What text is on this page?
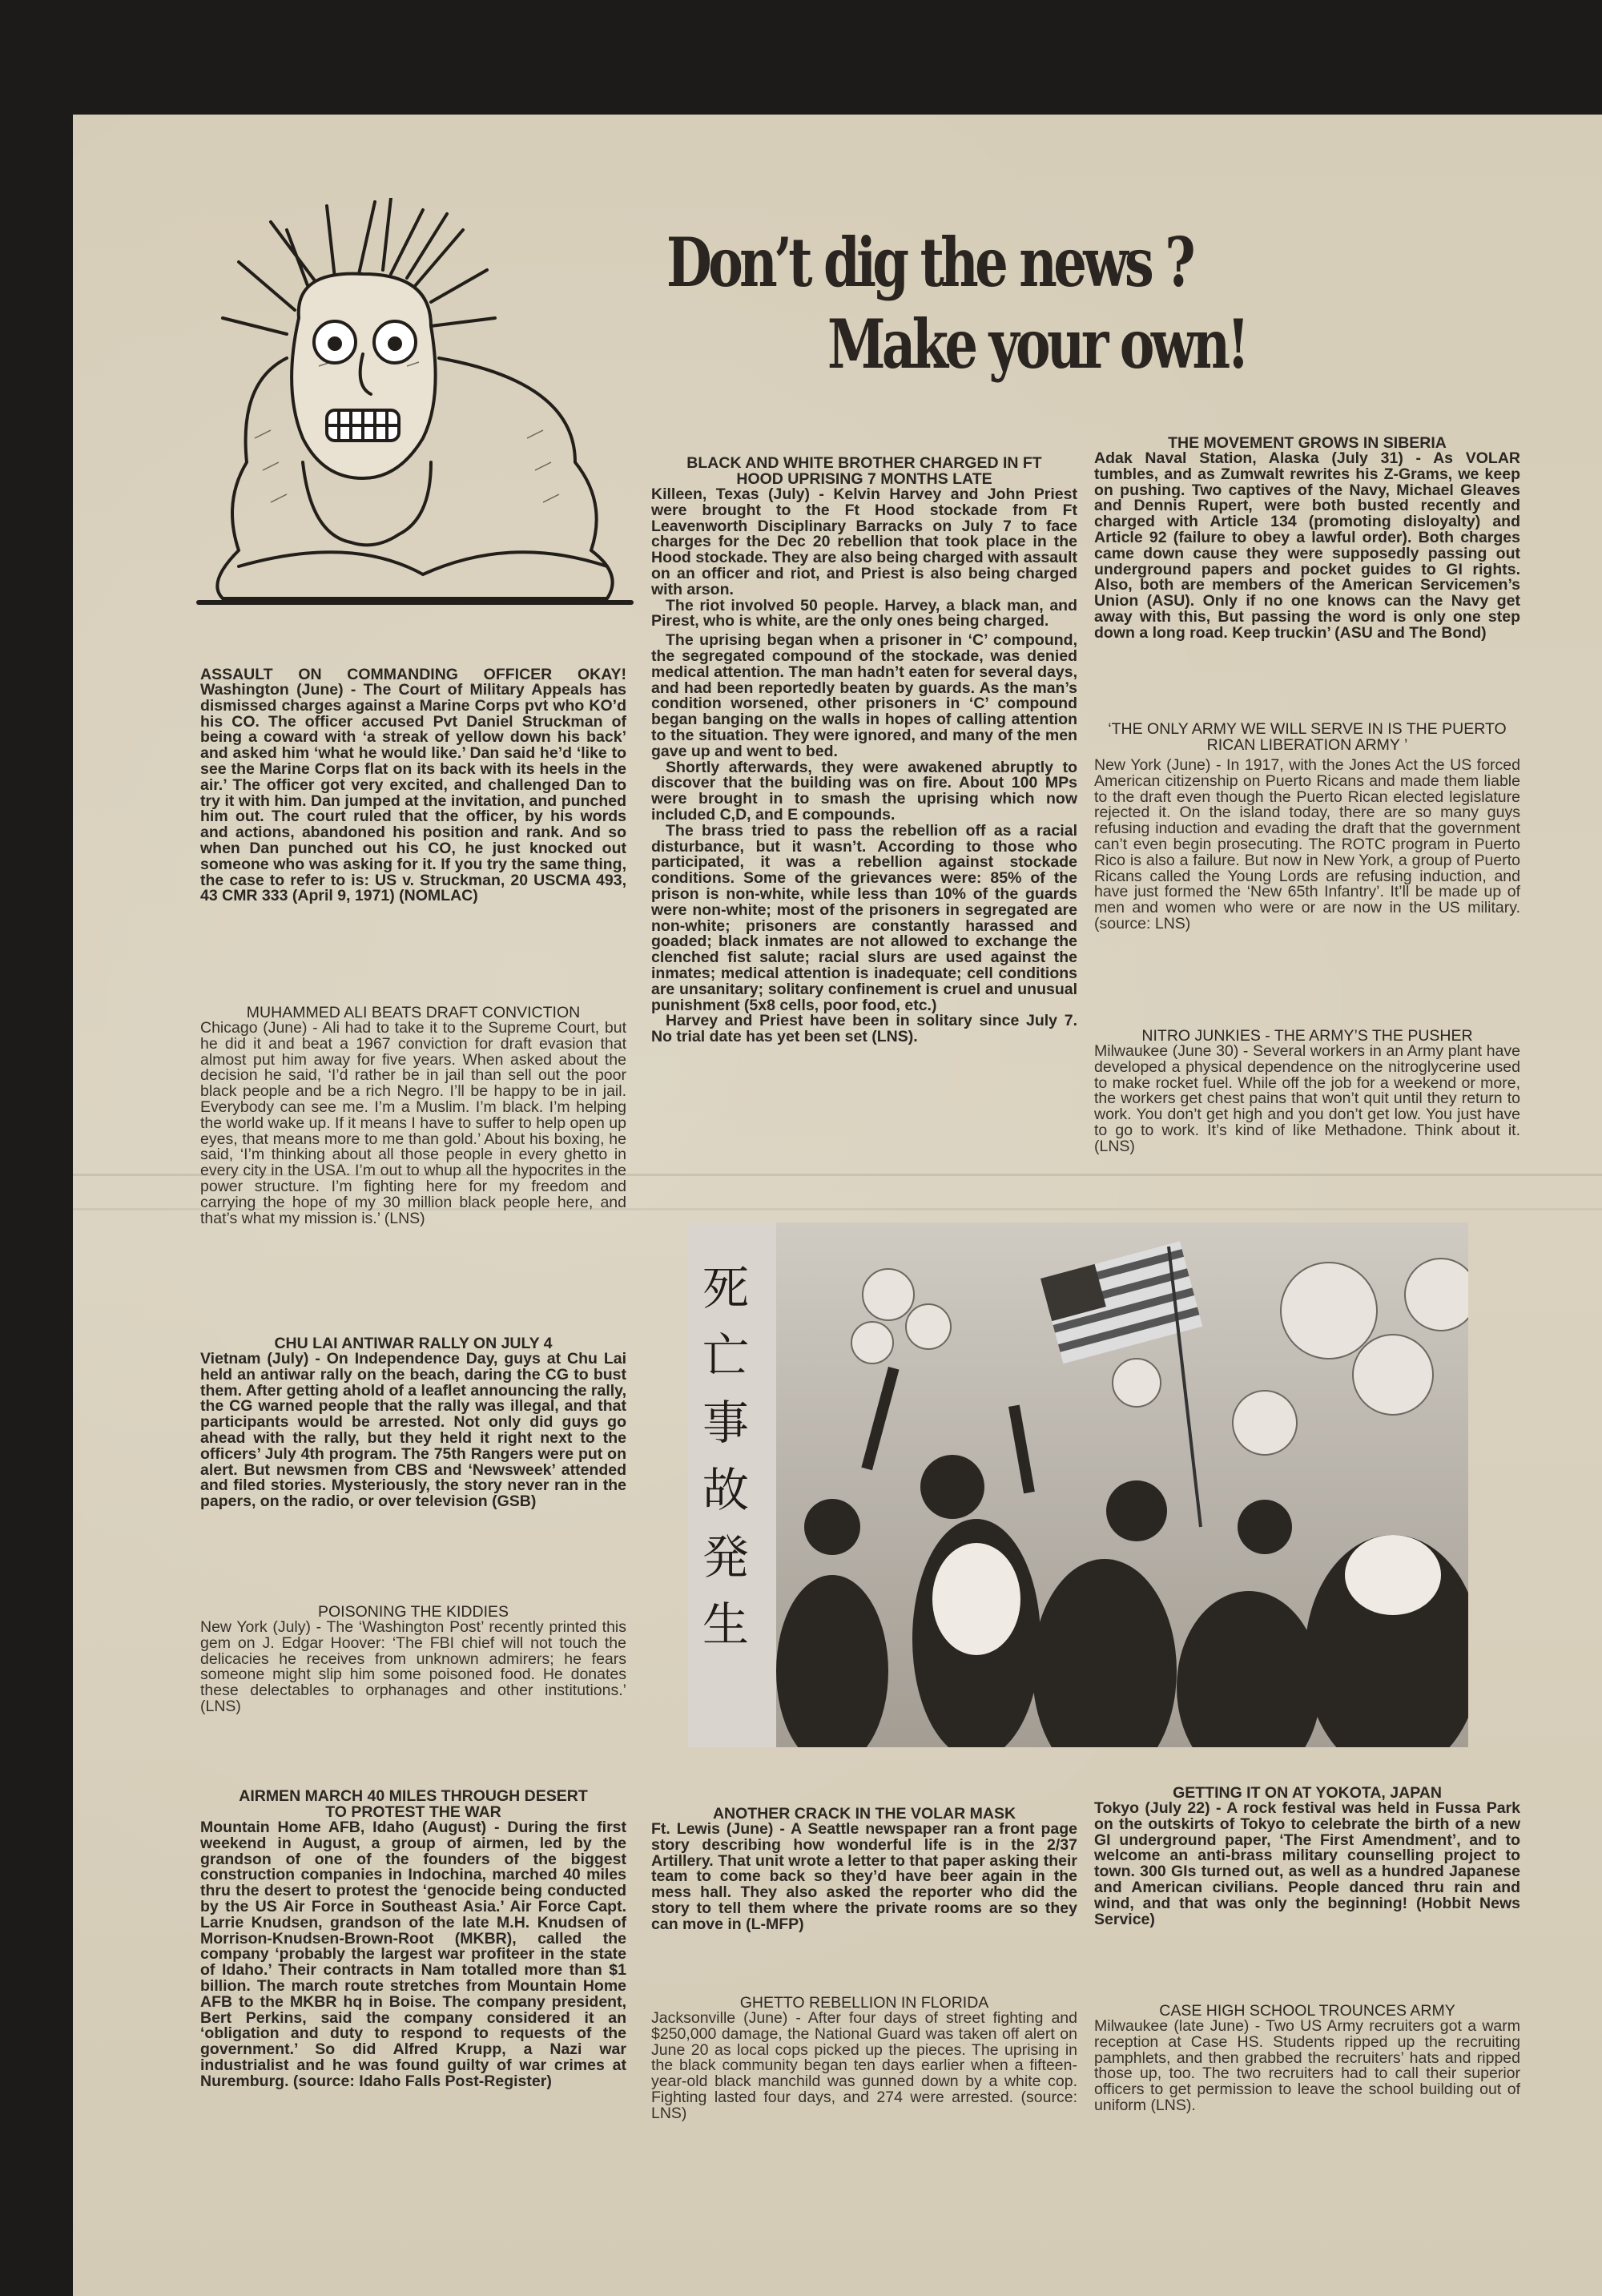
Don’t dig the news ?
Make your own!
ASSAULT ON COMMANDING OFFICER OKAY!

Washington (June) - The Court of Military Appeals has dismissed charges against a Marine Corps pvt who KO’d his CO. The officer accused Pvt Daniel Struckman of being a coward with ‘a streak of yellow down his back’ and asked him ‘what he would like.’ Dan said he’d ‘like to see the Marine Corps flat on its back with its heels in the air.’ The officer got very excited, and challenged Dan to try it with him. Dan jumped at the invitation, and punched him out. The court ruled that the officer, by his words and actions, abandoned his position and rank. And so when Dan punched out his CO, he just knocked out someone who was asking for it. If you try the same thing, the case to refer to is: US v. Struckman, 20 USCMA 493, 43 CMR 333 (April 9, 1971) (NOMLAC)

MUHAMMED ALI BEATS DRAFT CONVICTION

Chicago (June) - Ali had to take it to the Supreme Court, but he did it and beat a 1967 conviction for draft evasion that almost put him away for five years. When asked about the decision he said, ‘I’d rather be in jail than sell out the poor black people and be a rich Negro. I’ll be happy to be in jail. Everybody can see me. I’m a Muslim. I’m black. I’m helping the world wake up. If it means I have to suffer to help open up eyes, that means more to me than gold.’ About his boxing, he said, ‘I’m thinking about all those people in every ghetto in every city in the USA. I’m out to whup all the hypocrites in the power structure. I’m fighting here for my freedom and carrying the hope of my 30 million black people here, and that’s what my mission is.’ (LNS)

CHU LAI ANTIWAR RALLY ON JULY 4

Vietnam (July) - On Independence Day, guys at Chu Lai held an antiwar rally on the beach, daring the CG to bust them. After getting ahold of a leaflet announcing the rally, the CG warned people that the rally was illegal, and that participants would be arrested. Not only did guys go ahead with the rally, but they held it right next to the officers’ July 4th program. The 75th Rangers were put on alert. But newsmen from CBS and ‘Newsweek’ attended and filed stories. Mysteriously, the story never ran in the papers, on the radio, or over television (GSB)

POISONING THE KIDDIES

New York (July) - The ‘Washington Post’ recently printed this gem on J. Edgar Hoover: ‘The FBI chief will not touch the delicacies he receives from unknown admirers; he fears someone might slip him some poisoned food. He donates these delectables to orphanages and other institutions.’ (LNS)

AIRMEN MARCH 40 MILES THROUGH DESERT TO PROTEST THE WAR

Mountain Home AFB, Idaho (August) - During the first weekend in August, a group of airmen, led by the grandson of one of the founders of the biggest construction companies in Indochina, marched 40 miles thru the desert to protest the ‘genocide being conducted by the US Air Force in Southeast Asia.’ Air Force Capt. Larrie Knudsen, grandson of the late M.H. Knudsen of Morrison-Knudsen-Brown-Root (MKBR), called the company ‘probably the largest war profiteer in the state of Idaho.’ Their contracts in Nam totalled more than $1 billion. The march route stretches from Mountain Home AFB to the MKBR hq in Boise. The company president, Bert Perkins, said the company considered it an ‘obligation and duty to respond to requests of the government.’ So did Alfred Krupp, a Nazi war industrialist and he was found guilty of war crimes at Nuremburg. (source: Idaho Falls Post-Register)

BLACK AND WHITE BROTHER CHARGED IN FT HOOD UPRISING 7 MONTHS LATE

Killeen, Texas (July) - Kelvin Harvey and John Priest were brought to the Ft Hood stockade from Ft Leavenworth Disciplinary Barracks on July 7 to face charges for the Dec 20 rebellion that took place in the Hood stockade. They are also being charged with assault on an officer and riot, and Priest is also being charged with arson.

The riot involved 50 people. Harvey, a black man, and Pirest, who is white, are the only ones being charged.

The uprising began when a prisoner in ‘C’ compound, the segregated compound of the stockade, was denied medical attention. The man hadn’t eaten for several days, and had been reportedly beaten by guards. As the man’s condition worsened, other prisoners in ‘C’ compound began banging on the walls in hopes of calling attention to the situation. They were ignored, and many of the men gave up and went to bed.

Shortly afterwards, they were awakened abruptly to discover that the building was on fire. About 100 MPs were brought in to smash the uprising which now included C,D, and E compounds.

The brass tried to pass the rebellion off as a racial disturbance, but it wasn’t. According to those who participated, it was a rebellion against stockade conditions. Some of the grievances were: 85% of the prison is non-white, while less than 10% of the guards were non-white; most of the prisoners in segregated are non-white; prisoners are constantly harassed and goaded; black inmates are not allowed to exchange the clenched fist salute; racial slurs are used against the inmates; medical attention is inadequate; cell conditions are unsanitary; solitary confinement is cruel and unusual punishment (5x8 cells, poor food, etc.)

Harvey and Priest have been in solitary since July 7. No trial date has yet been set (LNS).

死亡事故 発生
ANOTHER CRACK IN THE VOLAR MASK

Ft. Lewis (June) - A Seattle newspaper ran a front page story describing how wonderful life is in the 2/37 Artillery. That unit wrote a letter to that paper asking their team to come back so they’d have beer again in the mess hall. They also asked the reporter who did the story to tell them where the private rooms are so they can move in (L-MFP)

GHETTO REBELLION IN FLORIDA

Jacksonville (June) - After four days of street fighting and $250,000 damage, the National Guard was taken off alert on June 20 as local cops picked up the pieces. The uprising in the black community began ten days earlier when a fifteen-year-old black manchild was gunned down by a white cop. Fighting lasted four days, and 274 were arrested. (source: LNS)

THE MOVEMENT GROWS IN SIBERIA

Adak Naval Station, Alaska (July 31) - As VOLAR tumbles, and as Zumwalt rewrites his Z-Grams, we keep on pushing. Two captives of the Navy, Michael Gleaves and Dennis Rupert, were both busted recently and charged with Article 134 (promoting disloyalty) and Article 92 (failure to obey a lawful order). Both charges came down cause they were supposedly passing out underground papers and pocket guides to GI rights. Also, both are members of the American Servicemen’s Union (ASU). Only if no one knows can the Navy get away with this, But passing the word is only one step down a long road. Keep truckin’ (ASU and The Bond)

‘THE ONLY ARMY WE WILL SERVE IN IS THE PUERTO RICAN LIBERATION ARMY ’

New York (June) - In 1917, with the Jones Act the US forced American citizenship on Puerto Ricans and made them liable to the draft even though the Puerto Rican elected legislature rejected it. On the island today, there are so many guys refusing induction and evading the draft that the government can’t even begin prosecuting. The ROTC program in Puerto Rico is also a failure. But now in New York, a group of Puerto Ricans called the Young Lords are refusing induction, and have just formed the ‘New 65th Infantry’. It’ll be made up of men and women who were or are now in the US military. (source: LNS)

NITRO JUNKIES - THE ARMY’S THE PUSHER

Milwaukee (June 30) - Several workers in an Army plant have developed a physical dependence on the nitroglycerine used to make rocket fuel. While off the job for a weekend or more, the workers get chest pains that won’t quit until they return to work. You don’t get high and you don’t get low. You just have to go to work. It’s kind of like Methadone. Think about it. (LNS)

GETTING IT ON AT YOKOTA, JAPAN

Tokyo (July 22) - A rock festival was held in Fussa Park on the outskirts of Tokyo to celebrate the birth of a new GI underground paper, ‘The First Amendment’, and to welcome an anti-brass military counselling project to town. 300 GIs turned out, as well as a hundred Japanese and American civilians. People danced thru rain and wind, and that was only the beginning! (Hobbit News Service)

CASE HIGH SCHOOL TROUNCES ARMY

Milwaukee (late June) - Two US Army recruiters got a warm reception at Case HS. Students ripped up the recruiting pamphlets, and then grabbed the recruiters’ hats and ripped those up, too. The two recruiters had to call their superior officers to get permission to leave the school building out of uniform (LNS).
